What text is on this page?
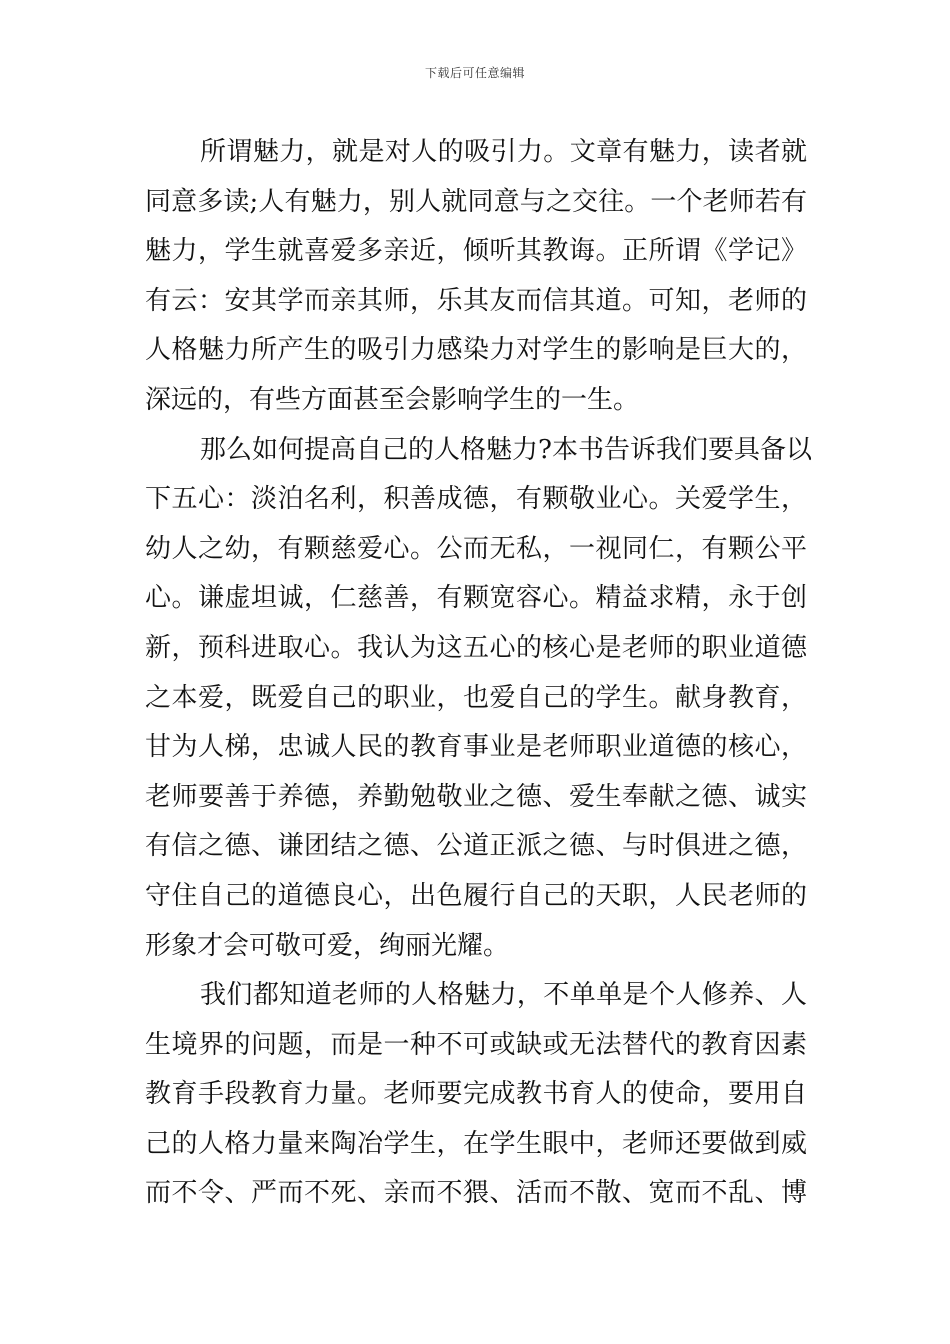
下载后可任意编辑
所谓魅力，就是对人的吸引力。文章有魅力，读者就
同意多读;人有魅力，别人就同意与之交往。一个老师若有
魅力，学生就喜爱多亲近，倾听其教诲。正所谓《学记》
有云：安其学而亲其师，乐其友而信其道。可知，老师的
人格魅力所产生的吸引力感染力对学生的影响是巨大的，
深远的，有些方面甚至会影响学生的一生。
那么如何提高自己的人格魅力?本书告诉我们要具备以
下五心：淡泊名利，积善成德，有颗敬业心。关爱学生，
幼人之幼，有颗慈爱心。公而无私，一视同仁，有颗公平
心。谦虚坦诚，仁慈善，有颗宽容心。精益求精，永于创
新，预科进取心。我认为这五心的核心是老师的职业道德
之本爱，既爱自己的职业，也爱自己的学生。献身教育，
甘为人梯，忠诚人民的教育事业是老师职业道德的核心，
老师要善于养德，养勤勉敬业之德、爱生奉献之德、诚实
有信之德、谦团结之德、公道正派之德、与时俱进之德，
守住自己的道德良心，出色履行自己的天职，人民老师的
形象才会可敬可爱，绚丽光耀。
我们都知道老师的人格魅力，不单单是个人修养、人
生境界的问题，而是一种不可或缺或无法替代的教育因素
教育手段教育力量。老师要完成教书育人的使命，要用自
己的人格力量来陶冶学生，在学生眼中，老师还要做到威
而不令、严而不死、亲而不猥、活而不散、宽而不乱、博
